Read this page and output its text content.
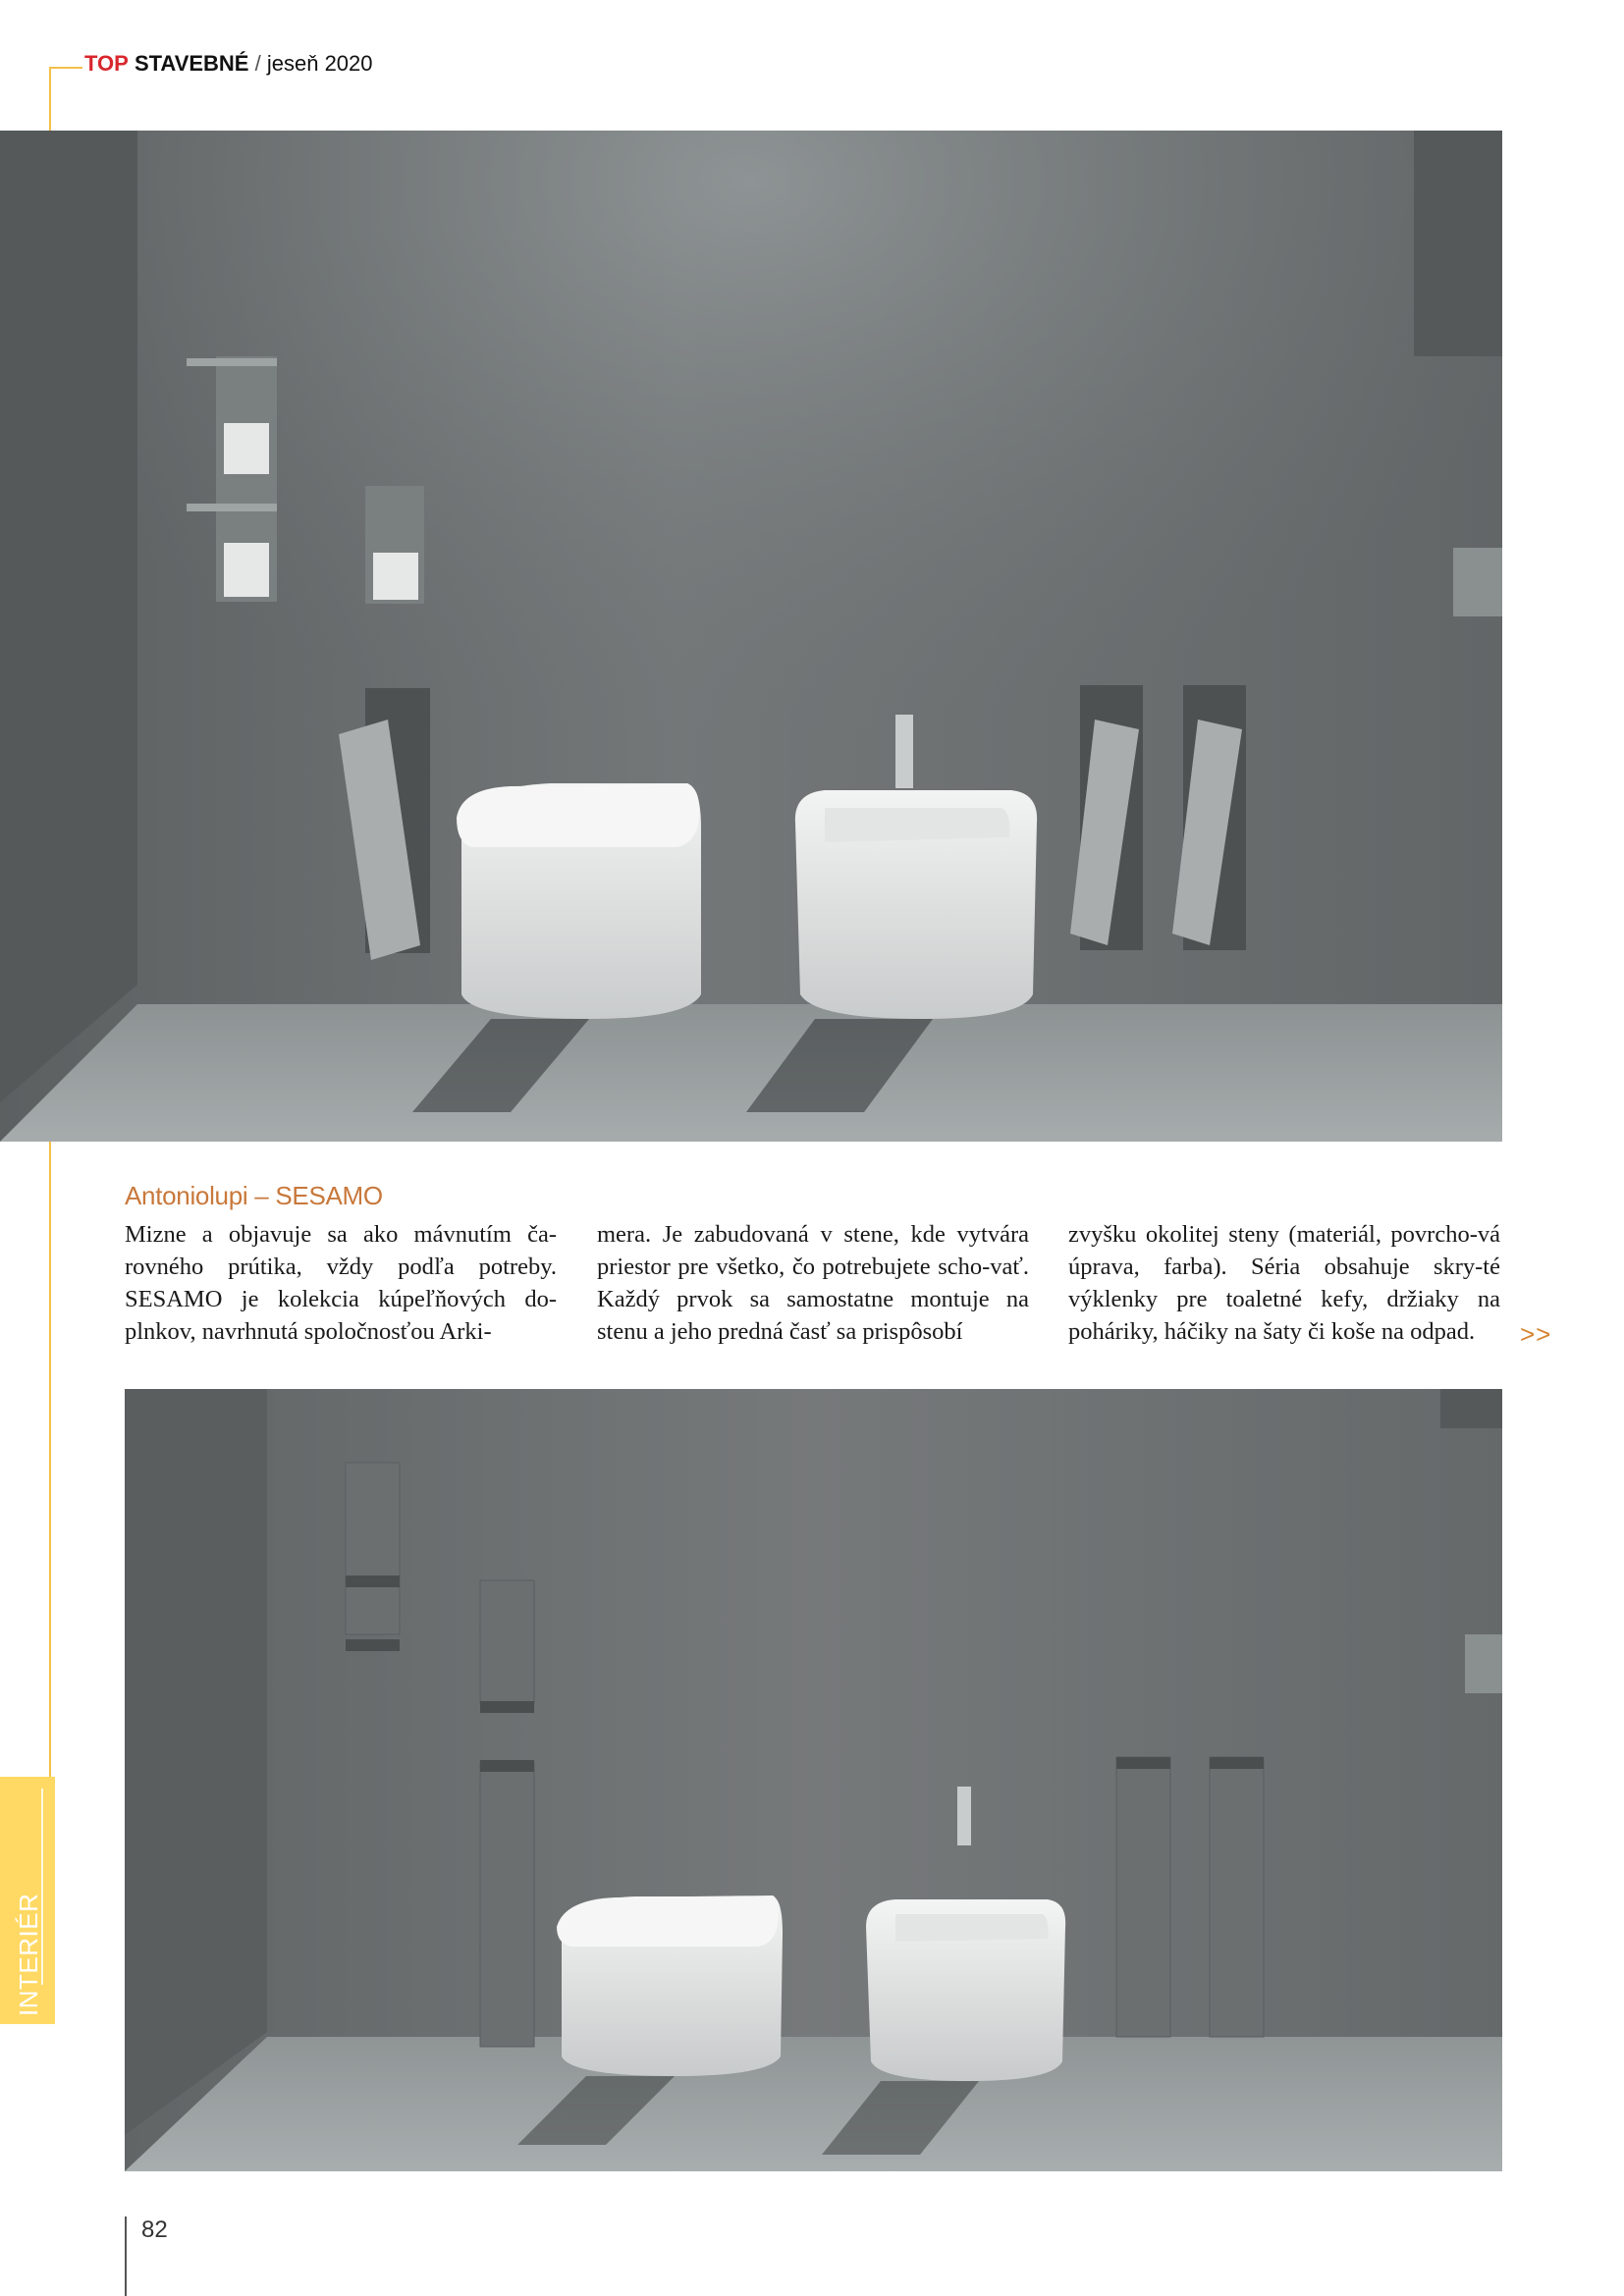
TOP STAVEBNÉ / jeseň 2020
Antoniolupi – SESAMO
Mizne a objavuje sa ako mávnutím ča-rovného prútika, vždy podľa potreby. SESAMO je kolekcia kúpeľňových do-plnkov, navrhnutá spoločnosťou Arki-
mera. Je zabudovaná v stene, kde vytvára priestor pre všetko, čo potrebujete scho-vať. Každý prvok sa samostatne montuje na stenu a jeho predná časť sa prispôsobí
zvyšku okolitej steny (materiál, povrcho-vá úprava, farba). Séria obsahuje skry-té výklenky pre toaletné kefy, držiaky na poháriky, háčiky na šaty či koše na odpad.	>>
INTERIÉR
82
